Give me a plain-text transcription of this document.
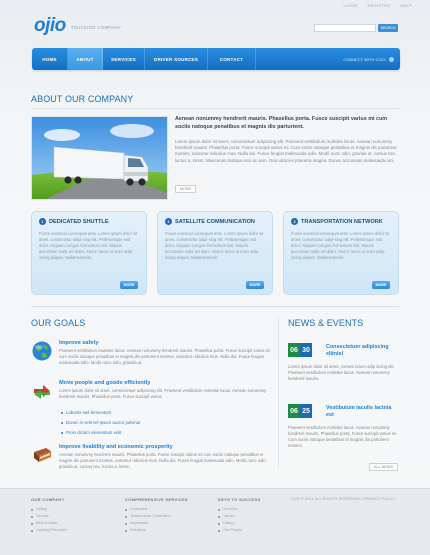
LOGIN	REGISTER	HELP
ojio TRUCKING COMPANY	SEARCH
HOME	ABOUT	SERVICES	DRIVER SOURCES	CONTACT	CONNECT WITH OJIO:
ABOUT OUR COMPANY
Aenean nonummy hendrerit mauris. Phasellus porta. Fusce suscipit varius mi cum sociis natoque penatibus et magnis dis parturient.
Lorem ipsum dolor sit amet, consectetuer adipiscing elit. Praesent vestibulum molestie lacus. Aenean nonummy hendrerit mauris. Phasellus porta. Fusce suscipit varius mi. Cum sociis natoque penatibus et magnis dis parturient montes, nascetur ridiculus mus. Nulla dui. Fusce feugiat malesuada odio. Morbi nunc odio, gravida at, cursus nec, luctus a, lorem. Maecenas tristique orci ac sem. Duis ultricies pharetra magna. Donec accumsan malesuada orci.
MORE
1 DEDICATED SHUTTLE
Fusce euismod consequat ante. Lorem ipsum dolor sit amet, consectetur adipi-sing elit. Pellentesque sed dolor. Aliquam congue fermentum nisl. Mauris accumsan nulla vel diam. Sed in lacus ut enim adip-iscing aliquet. Nullamentestir.
MORE
2 SATELLITE COMMUNICATION
Fusce euismod consequat ante. Lorem ipsum dolor sit amet, consectetur adipi-sing elit. Pellentesque sed dolor. Aliquam congue fermentum nisl. Mauris accumsan nulla vel diam. Sed in lacus ut enim adip-iscing aliquet. Nullamentestir.
MORE
3 TRANSPORTATION NETWORK
Fusce euismod consequat ante. Lorem ipsum dolor sit amet, consectetur adipi-sing elit. Pellentesque sed dolor. Aliquam congue fermentum nisl. Mauris accumsan nulla vel diam. Sed in lacus ut enim adip-iscing aliquet. Nullamentestir.
MORE
OUR GOALS	NEWS & EVENTS
Improve safety
Praesent vestibulum molestie lacus. Aenean nonummy hendrerit mauris. Phasellus porta. Fusce suscipit varius mi cum sociis natoque penatibus et magnis dis parturient montes, nascetur ridiculus mus. Nulla dui. Fusce feugiat malesuada odio. Morbi nunc odio, gravida at.
Move people and goods efficiently
Lorem ipsum dolor sit amet, consectetuer adipiscing elit. Praesent vestibulum molestie lacus. Aenean nonummy hendrerit mauris. Phasellus porta. Fusce suscipit varius.
Lobortis sed fermentum
Donec in velit vel ipsum auctor pulvinar
Proin dictum elementum velit
Improve livability and economic prosperity
Aenean nonummy hendrerit mauris. Phasellus porta. Fusce suscipit varius mi cum sociis natoque penatibus et magnis dis parturient montes, nascetur ridiculus mus. Nulla dui. Fusce feugiat malesuada odio. Morbi nunc odio, gravida at, cursus nec, luctus a, lorem.
06 30	Consectetuer adipiscing elitnisl
Lorem ipsum dolor sit amet, consec tetuer adip iscing elit. Praesent vestibulum molestie lacus. Aenean nonummy hendrerit mauris.
06 25	Vestibulum iaculis lacinia est
Praesent vestibulum molestie lacus. Aenean nonummy hendrerit mauris. Phasellus porta. Fusce suscipit varius mi. Cum sociis natoque penatibus et magnis dis parturient montes.
ALL NEWS
OUR COMPANY
Safety
Service
Best in class
Guiding Principles
COMPREHENSIVE SERVICES
Dedicated
Temperature Controlled
Intermodal
Solutions
KEYS TO SUCCESS
Services
Values
History
Our People
OJIO © 2011 ALL RIGHTS RESERVED | PRIVACY POLICY
